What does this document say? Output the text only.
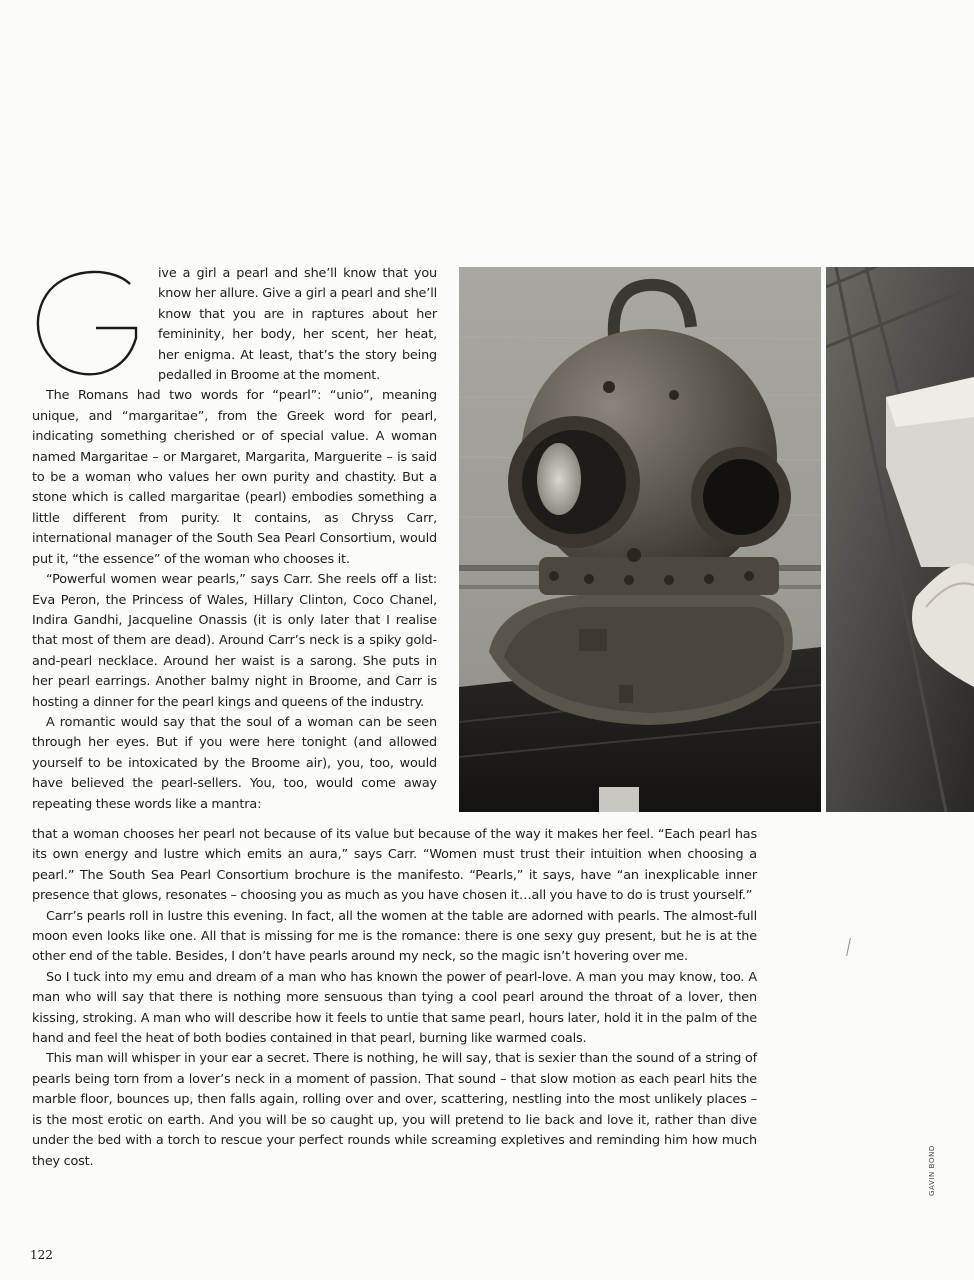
ive a girl a pearl and she’ll know that you know her allure. Give a girl a pearl and she’ll know that you are in raptures about her femininity, her body, her scent, her heat, her enigma. At least, that’s the story being pedalled in Broome at the moment.

The Romans had two words for “pearl”: “unio”, meaning unique, and “margaritae”, from the Greek word for pearl, indicating something cherished or of special value. A woman named Margaritae – or Margaret, Margarita, Marguerite – is said to be a woman who values her own purity and chastity. But a stone which is called margaritae (pearl) embodies something a little different from purity. It contains, as Chryss Carr, international manager of the South Sea Pearl Consortium, would put it, “the essence” of the woman who chooses it.

“Powerful women wear pearls,” says Carr. She reels off a list: Eva Peron, the Princess of Wales, Hillary Clinton, Coco Chanel, Indira Gandhi, Jacqueline Onassis (it is only later that I realise that most of them are dead). Around Carr’s neck is a spiky gold-and-pearl necklace. Around her waist is a sarong. She puts in her pearl earrings. Another balmy night in Broome, and Carr is hosting a dinner for the pearl kings and queens of the industry.

A romantic would say that the soul of a woman can be seen through her eyes. But if you were here tonight (and allowed yourself to be intoxicated by the Broome air), you, too, would have believed the pearl-sellers. You, too, would come away repeating these words like a mantra:

that a woman chooses her pearl not because of its value but because of the way it makes her feel. “Each pearl has its own energy and lustre which emits an aura,” says Carr. “Women must trust their intuition when choosing a pearl.” The South Sea Pearl Consortium brochure is the manifesto. “Pearls,” it says, have “an inexplicable inner presence that glows, resonates – choosing you as much as you have chosen it…all you have to do is trust yourself.”

Carr’s pearls roll in lustre this evening. In fact, all the women at the table are adorned with pearls. The almost-full moon even looks like one. All that is missing for me is the romance: there is one sexy guy present, but he is at the other end of the table. Besides, I don’t have pearls around my neck, so the magic isn’t hovering over me.

So I tuck into my emu and dream of a man who has known the power of pearl-love. A man you may know, too. A man who will say that there is nothing more sensuous than tying a cool pearl around the throat of a lover, then kissing, stroking. A man who will describe how it feels to untie that same pearl, hours later, hold it in the palm of the hand and feel the heat of both bodies contained in that pearl, burning like warmed coals.

This man will whisper in your ear a secret. There is nothing, he will say, that is sexier than the sound of a string of pearls being torn from a lover’s neck in a moment of passion. That sound – that slow motion as each pearl hits the marble floor, bounces up, then falls again, rolling over and over, scattering, nestling into the most unlikely places – is the most erotic on earth. And you will be so caught up, you will pretend to lie back and love it, rather than dive under the bed with a torch to rescue your perfect rounds while screaming expletives and reminding him how much they cost.	GAVIN BOND
122
